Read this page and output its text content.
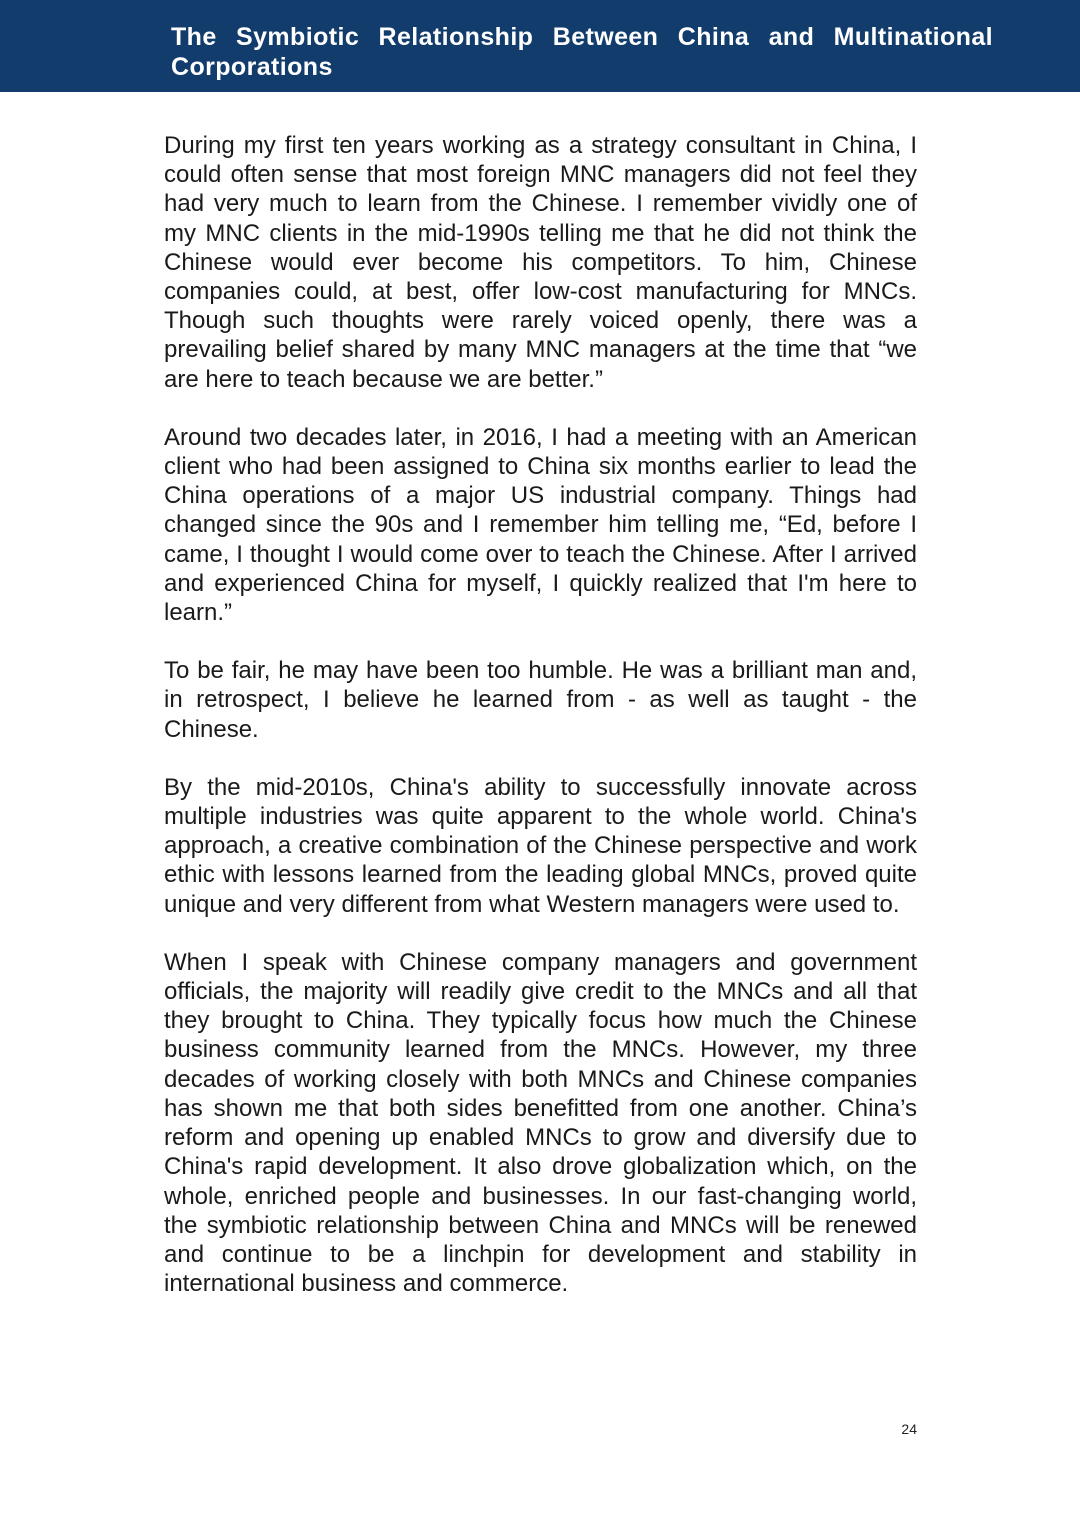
The Symbiotic Relationship Between China and Multinational Corporations

During my first ten years working as a strategy consultant in China, I could often sense that most foreign MNC managers did not feel they had very much to learn from the Chinese. I remember vividly one of my MNC clients in the mid-1990s telling me that he did not think the Chinese would ever become his competitors. To him, Chinese companies could, at best, offer low-cost manufacturing for MNCs. Though such thoughts were rarely voiced openly, there was a prevailing belief shared by many MNC managers at the time that “we are here to teach because we are better.”

Around two decades later, in 2016, I had a meeting with an American client who had been assigned to China six months earlier to lead the China operations of a major US industrial company. Things had changed since the 90s and I remember him telling me, “Ed, before I came, I thought I would come over to teach the Chinese. After I arrived and experienced China for myself, I quickly realized that I'm here to learn.”

To be fair, he may have been too humble. He was a brilliant man and, in retrospect, I believe he learned from - as well as taught - the Chinese.

By the mid-2010s, China's ability to successfully innovate across multiple industries was quite apparent to the whole world. China's approach, a creative combination of the Chinese perspective and work ethic with lessons learned from the leading global MNCs, proved quite unique and very different from what Western managers were used to.

When I speak with Chinese company managers and government officials, the majority will readily give credit to the MNCs and all that they brought to China. They typically focus how much the Chinese business community learned from the MNCs. However, my three decades of working closely with both MNCs and Chinese companies has shown me that both sides benefitted from one another. China’s reform and opening up enabled MNCs to grow and diversify due to China's rapid development. It also drove globalization which, on the whole, enriched people and businesses. In our fast-changing world, the symbiotic relationship between China and MNCs will be renewed and continue to be a linchpin for development and stability in international business and commerce.

24
